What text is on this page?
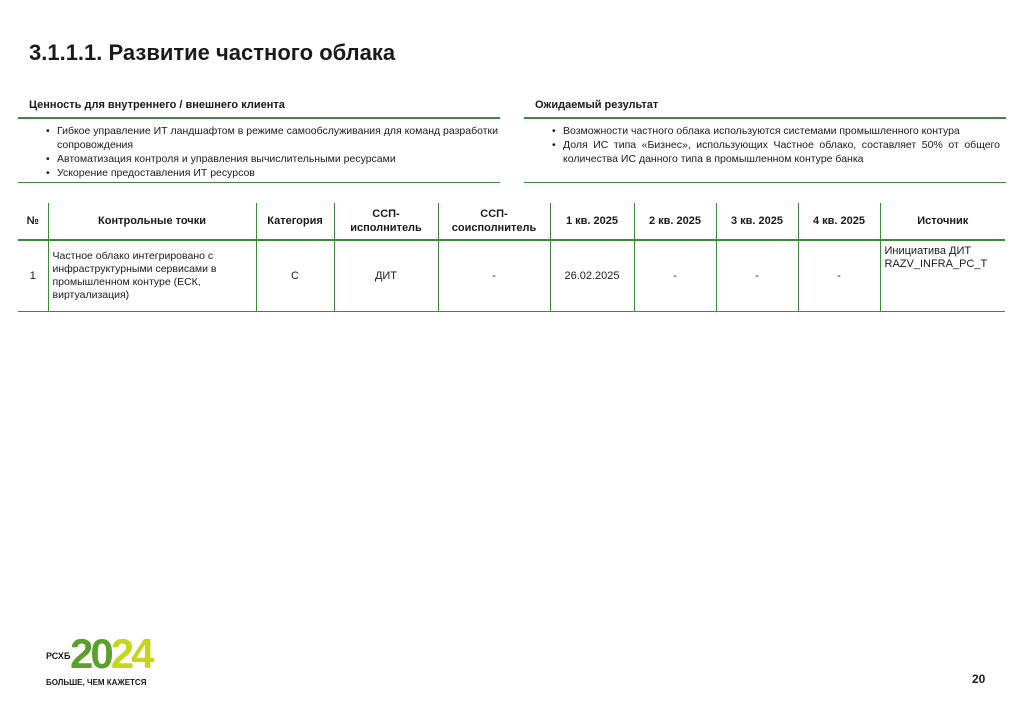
3.1.1.1. Развитие частного облака
Ценность для внутреннего / внешнего клиента
• Гибкое управление ИТ ландшафтом в режиме самообслуживания для команд разработки сопровождения
• Автоматизация контроля и управления вычислительными ресурсами
• Ускорение предоставления ИТ ресурсов
Ожидаемый результат
• Возможности частного облака используются системами промышленного контура
• Доля ИС типа «Бизнес», использующих Частное облако, составляет 50% от общего количества ИС данного типа в промышленном контуре банка
№	Контрольные точки	Категория	ССП-исполнитель	ССП-соисполнитель	1 кв. 2025	2 кв. 2025	3 кв. 2025	4 кв. 2025	Источник
1	Частное облако интегрировано с инфраструктурными сервисами в промышленном контуре (ЕСК, виртуализация)	С	ДИТ	-	26.02.2025	-	-	-	Инициатива ДИТ
RAZV_INFRA_PC_T
РСХБ 2024
БОЛЬШЕ, ЧЕМ КАЖЕТСЯ	20
